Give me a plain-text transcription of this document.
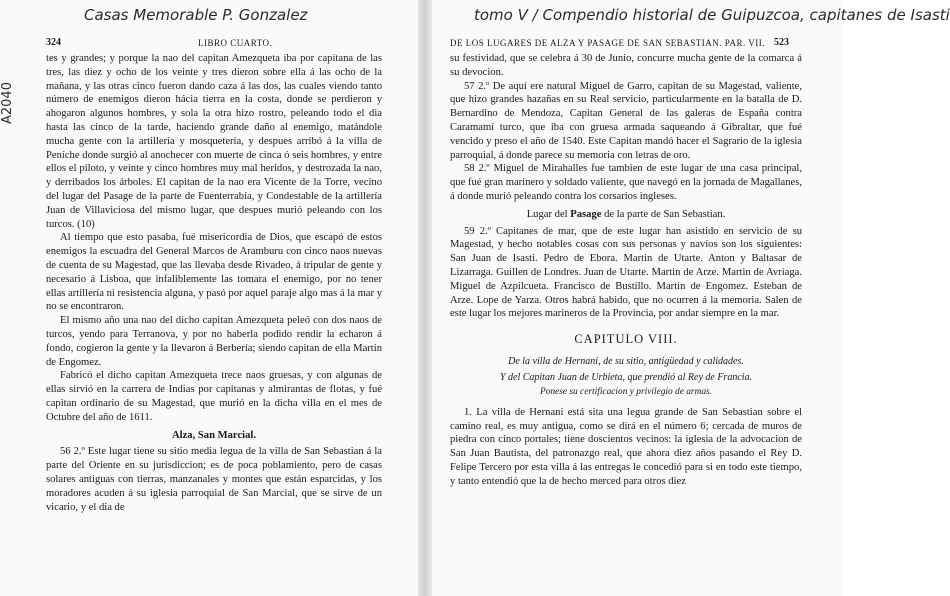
A2040
Casas Memorable P. Gonzalez
324	LIBRO CUARTO.

tes y grandes; y porque la nao del capitan Amezqueta iba por capitana de las tres, las diez y ocho de los veinte y tres dieron sobre ella á las ocho de la mañana, y las otras cinco fueron dando caza á las dos, las cuales viendo tanto número de enemigos dieron hácia tierra en la costa, donde se perdieron y ahogaron algunos hombres, y sola la otra hizo rostro, peleando todo el dia hasta las cinco de la tarde, haciendo grande daño al enemigo, matándole mucha gente con la artillería y mosquetería, y despues arribó á la villa de Peníche donde surgió al anochecer con muerte de cinca ó seis hombres, y entre ellos el piloto, y veinte y cinco hombres muy mal heridos, y destrozada la nao, y derribados los árboles. El capitan de la nao era Vicente de la Torre, vecino del lugar del Pasage de la parte de Fuenterrabía, y Condestable de la artillería Juan de Villaviciosa del mismo lugar, que despues murió peleando con los turcos. (10)

Al tiempo que esto pasaba, fué misericordia de Dios, que escapó de estos enemigos la escuadra del General Marcos de Aramburu con cinco naos nuevas de cuenta de su Magestad, que las llevaba desde Rivadeo, á tripular de gente y necesario á Lisboa, que infaliblemente las tomara el enemigo, por no tener ellas artillería ni resistencia alguna, y pasó por aquel paraje algo mas á la mar y no se encontraron.

El mismo año una nao del dicho capitan Amezqueta peleó con dos naos de turcos, yendo para Terranova, y por no haberla podido rendir la echaron á fondo, cogieron la gente y la llevaron á Berbería; siendo capitan de ella Martin de Engomez.

Fabricó el dicho capitan Amezqueta trece naos gruesas, y con algunas de ellas sirvió en la carrera de Indias por capitanas y almirantas de flotas, y fué capitan ordinario de su Magestad, que murió en la dicha villa en el mes de Octubre del año de 1611.

Alza, San Marcial.

56 2.º Este lugar tiene su sitio media legua de la villa de San Sebastian á la parte del Oriente en su jurisdiccion; es de poca poblamiento, pero de casas solares antiguas con tierras, manzanales y montes que están esparcidas, y los moradores acuden á su iglesia parroquial de San Marcial, que se sirve de un vicario, y el dia de

tomo V / Compendio historial de Guipuzcoa, capitanes de Isasti
DE LOS LUGARES DE ALZA Y PASAGE DE SAN SEBASTIAN. PAR. VII. 523

su festividad, que se celebra á 30 de Junio, concurre mucha gente de la comarca á su devocion.

57 2.º De aquí ere natural Miguel de Garro, capitan de su Magestad, valiente, que hizo grandes hazañas en su Real servicio, particularmente en la batalla de D. Bernardino de Mendoza, Capitan General de las galeras de España contra Caramamí turco, que iba con gruesa armada saqueando á Gibraltar, que fué vencido y preso el año de 1540. Este Capitan mandó hacer el Sagrario de la iglesia parroquial, á donde parece su memoria con letras de oro.

58 2.º Miguel de Mirahalles fue tambien de este lugar de una casa principal, que fué gran marinero y soldado valiente, que navegó en la jornada de Magallanes, á donde murió peleando contra los corsarios ingleses.

Lugar del Pasage de la parte de San Sebastian.

59 2.º Capitanes de mar, que de este lugar han asistido en servicio de su Magestad, y hecho notables cosas con sus personas y navíos son los siguientes: San Juan de Isasti. Pedro de Ebora. Martin de Utarte. Anton y Baltasar de Lizarraga. Guillen de Londres. Juan de Utarte. Martin de Arze. Martin de Avriaga. Miguel de Azpilcueta. Francisco de Bustillo. Martin de Engomez. Esteban de Arze. Lope de Yarza. Otros habrá habido, que no ocurren á la memoria. Salen de este lugar los mejores marineros de la Provincia, por andar siempre en la mar.

CAPITULO VIII.
De la villa de Hernani, de su sitio, antigüedad y calidades.
Y del Capitan Juan de Urbieta, que prendió al Rey de Francia.
Ponese su certificacion y privilegio de armas.

1. La villa de Hernani está sita una legua grande de San Sebastian sobre el camino real, es muy antigua, como se dirá en el número 6; cercada de muros de piedra con cinco portales; tiene doscientos vecinos: la iglesia de la advocacion de San Juan Bautista, del patronazgo real, que ahora diez años pasando el Rey D. Felipe Tercero por esta villa á las entregas le concedió para si en todo este tiempo, y tanto entendió que la de hecho merced para otros diez
